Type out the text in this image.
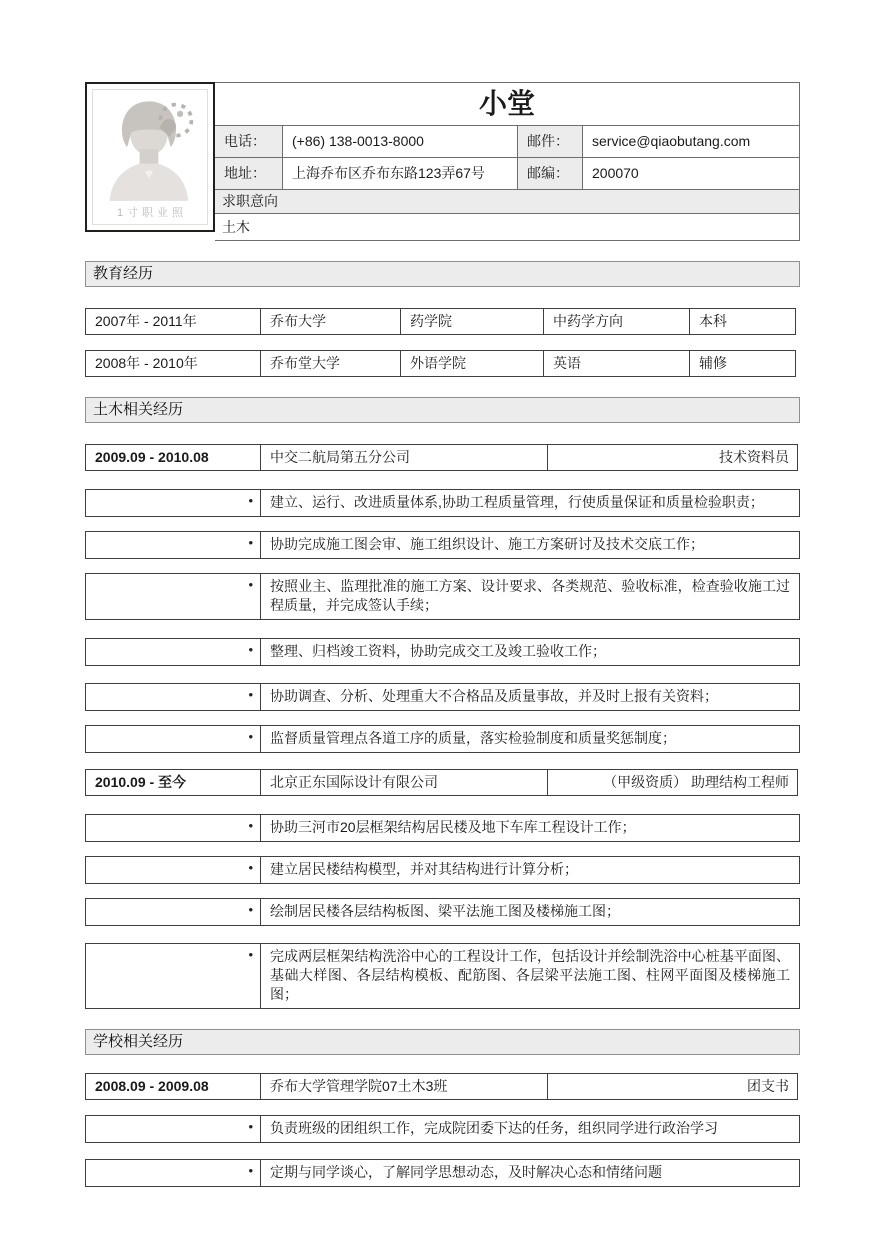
1寸职业照
小堂
电话：	(+86) 138-0013-8000	邮件：	service@qiaobutang.com
地址：	上海乔布区乔布东路123弄67号	邮编：	200070
求职意向
土木
教育经历
2007年 - 2011年	乔布大学	药学院	中药学方向	本科
2008年 - 2010年	乔布堂大学	外语学院	英语	辅修
土木相关经历
2009.09 - 2010.08	中交二航局第五分公司	技术资料员
•	建立、运行、改进质量体系,协助工程质量管理，行使质量保证和质量检验职责；
•	协助完成施工图会审、施工组织设计、施工方案研讨及技术交底工作；
•	按照业主、监理批准的施工方案、设计要求、各类规范、验收标准，检查验收施工过程质量，并完成签认手续；
•	整理、归档竣工资料，协助完成交工及竣工验收工作；
•	协助调查、分析、处理重大不合格品及质量事故，并及时上报有关资料；
•	监督质量管理点各道工序的质量，落实检验制度和质量奖惩制度；
2010.09 - 至今	北京正东国际设计有限公司	（甲级资质） 助理结构工程师
•	协助三河市20层框架结构居民楼及地下车库工程设计工作；
•	建立居民楼结构模型，并对其结构进行计算分析；
•	绘制居民楼各层结构板图、梁平法施工图及楼梯施工图；
•	完成两层框架结构洗浴中心的工程设计工作，包括设计并绘制洗浴中心桩基平面图、基础大样图、各层结构模板、配筋图、各层梁平法施工图、柱网平面图及楼梯施工图；
学校相关经历
2008.09 - 2009.08	乔布大学管理学院07土木3班	团支书
•	负责班级的团组织工作，完成院团委下达的任务，组织同学进行政治学习
•	定期与同学谈心，了解同学思想动态，及时解决心态和情绪问题
